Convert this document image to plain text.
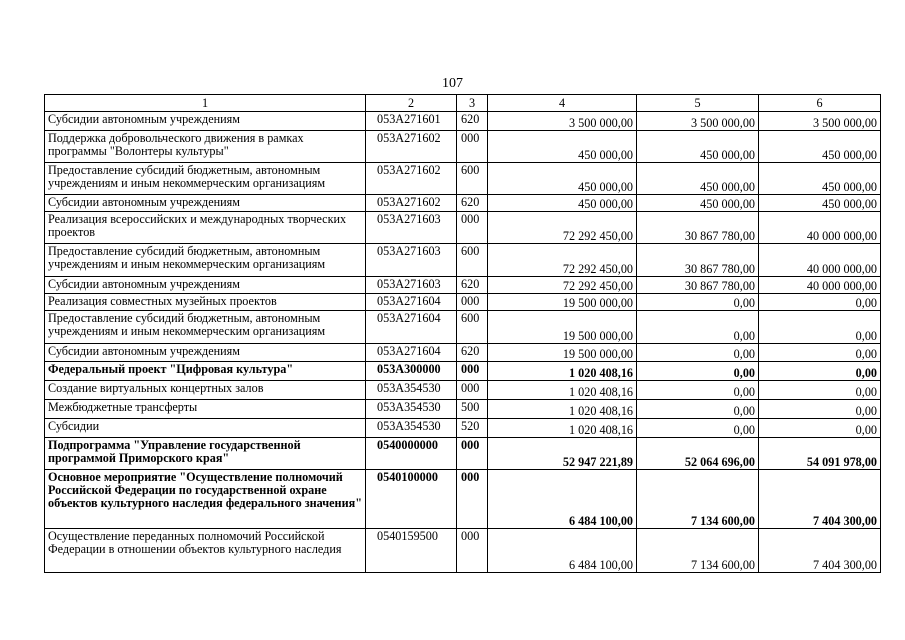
107
1	2	3	4	5	6
Субсидии автономным учреждениям	053A271601	620	3 500 000,00	3 500 000,00	3 500 000,00
Поддержка добровольческого движения в рамках программы "Волонтеры культуры"	053A271602	000	450 000,00	450 000,00	450 000,00
Предоставление субсидий бюджетным, автономным учреждениям и иным некоммерческим организациям	053A271602	600	450 000,00	450 000,00	450 000,00
Субсидии автономным учреждениям	053A271602	620	450 000,00	450 000,00	450 000,00
Реализация всероссийских и международных творческих проектов	053A271603	000	72 292 450,00	30 867 780,00	40 000 000,00
Предоставление субсидий бюджетным, автономным учреждениям и иным некоммерческим организациям	053A271603	600	72 292 450,00	30 867 780,00	40 000 000,00
Субсидии автономным учреждениям	053A271603	620	72 292 450,00	30 867 780,00	40 000 000,00
Реализация совместных музейных проектов	053A271604	000	19 500 000,00	0,00	0,00
Предоставление субсидий бюджетным, автономным учреждениям и иным некоммерческим организациям	053A271604	600	19 500 000,00	0,00	0,00
Субсидии автономным учреждениям	053A271604	620	19 500 000,00	0,00	0,00
Федеральный проект "Цифровая культура"	053A300000	000	1 020 408,16	0,00	0,00
Создание виртуальных концертных залов	053A354530	000	1 020 408,16	0,00	0,00
Межбюджетные трансферты	053A354530	500	1 020 408,16	0,00	0,00
Субсидии	053A354530	520	1 020 408,16	0,00	0,00
Подпрограмма "Управление государственной программой Приморского края"	0540000000	000	52 947 221,89	52 064 696,00	54 091 978,00
Основное мероприятие "Осуществление полномочий Российской Федерации по государственной охране объектов культурного наследия федерального значения"	0540100000	000	6 484 100,00	7 134 600,00	7 404 300,00
Осуществление переданных полномочий Российской Федерации в отношении объектов культурного наследия	0540159500	000	6 484 100,00	7 134 600,00	7 404 300,00
